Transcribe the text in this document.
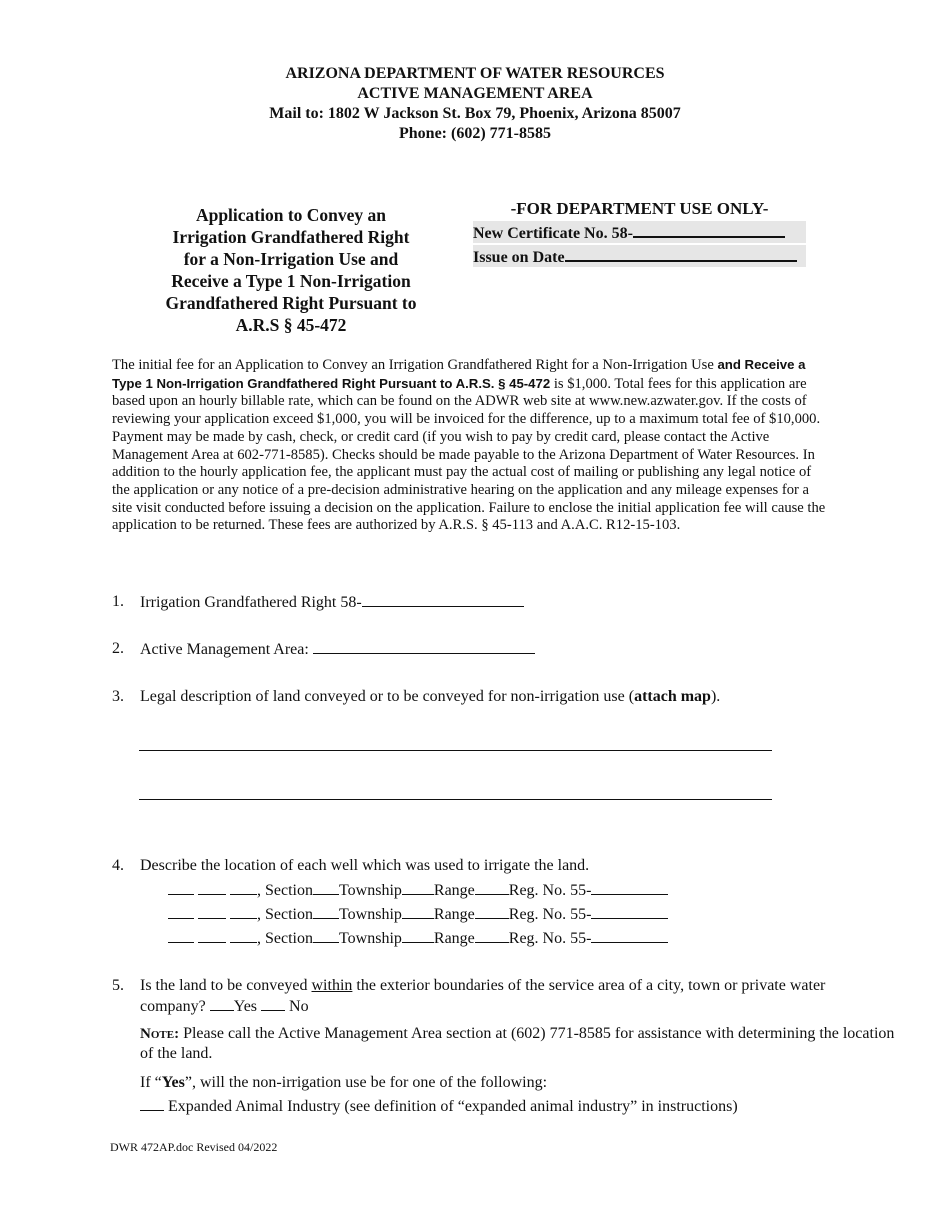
ARIZONA DEPARTMENT OF WATER RESOURCES
ACTIVE MANAGEMENT AREA
Mail to: 1802 W Jackson St. Box 79, Phoenix, Arizona 85007
Phone: (602) 771-8585
Application to Convey an
Irrigation Grandfathered Right
for a Non-Irrigation Use and
Receive a Type 1 Non-Irrigation
Grandfathered Right Pursuant to
A.R.S § 45-472
-FOR DEPARTMENT USE ONLY-
New Certificate No. 58-
Issue on Date
The initial fee for an Application to Convey an Irrigation Grandfathered Right for a Non-Irrigation Use and Receive a Type 1 Non-Irrigation Grandfathered Right Pursuant to A.R.S. § 45-472 is $1,000. Total fees for this application are based upon an hourly billable rate, which can be found on the ADWR web site at www.new.azwater.gov. If the costs of reviewing your application exceed $1,000, you will be invoiced for the difference, up to a maximum total fee of $10,000. Payment may be made by cash, check, or credit card (if you wish to pay by credit card, please contact the Active Management Area at 602-771-8585). Checks should be made payable to the Arizona Department of Water Resources. In addition to the hourly application fee, the applicant must pay the actual cost of mailing or publishing any legal notice of the application or any notice of a pre-decision administrative hearing on the application and any mileage expenses for a site visit conducted before issuing a decision on the application. Failure to enclose the initial application fee will cause the application to be returned. These fees are authorized by A.R.S. § 45-113 and A.A.C. R12-15-103.
1. Irrigation Grandfathered Right 58-
2. Active Management Area:
3. Legal description of land conveyed or to be conveyed for non-irrigation use (attach map).
4. Describe the location of each well which was used to irrigate the land.
, Section Township Range Reg. No. 55-
, Section Township Range Reg. No. 55-
, Section Township Range Reg. No. 55-
5. Is the land to be conveyed within the exterior boundaries of the service area of a city, town or private water
company? Yes No
Note: Please call the Active Management Area section at (602) 771-8585 for assistance with determining the location of the land.
If “Yes”, will the non-irrigation use be for one of the following:
Expanded Animal Industry (see definition of “expanded animal industry” in instructions)
DWR 472AP.doc Revised 04/2022
